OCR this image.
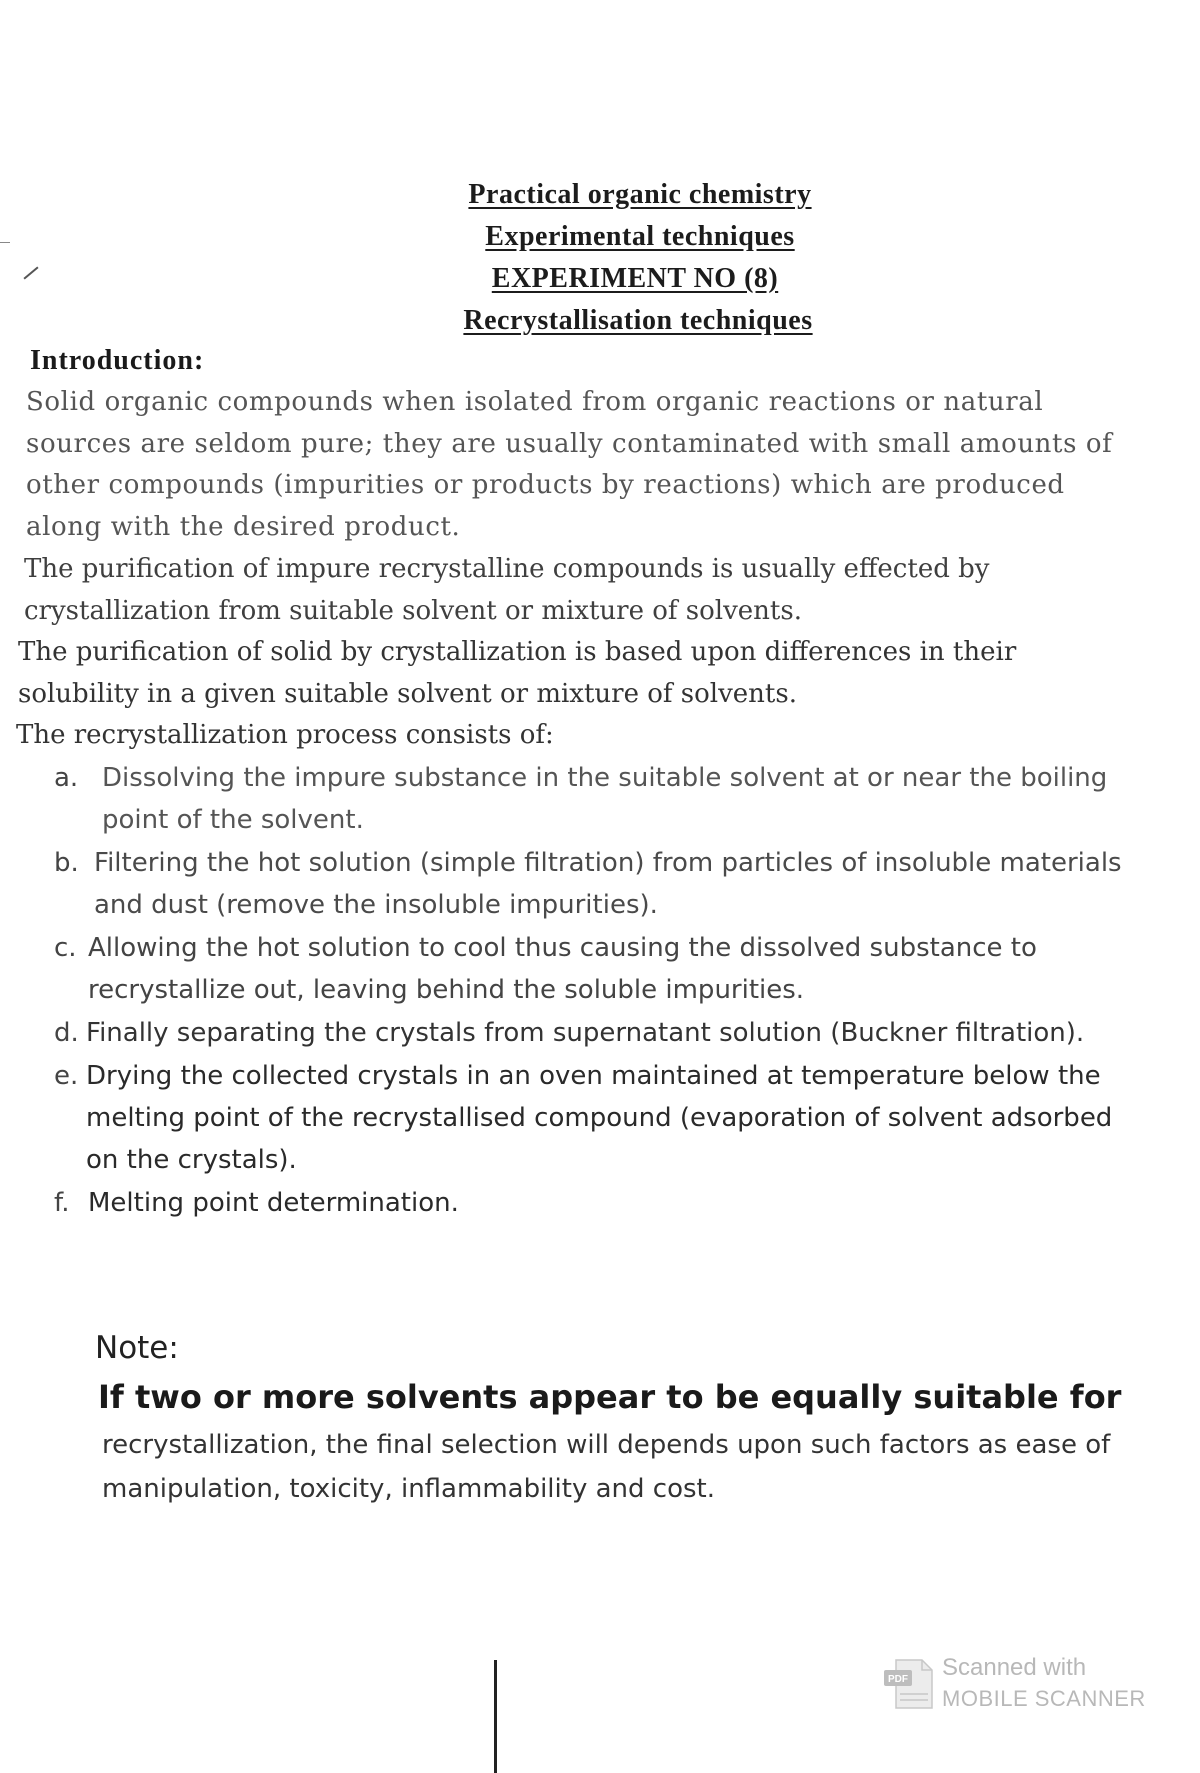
Practical organic chemistry
Experimental techniques
EXPERIMENT NO (8)
Recrystallisation techniques
Introduction:
Solid organic compounds when isolated from organic reactions or natural sources are seldom pure; they are usually contaminated with small amounts of other compounds (impurities or products by reactions) which are produced along with the desired product.
The purification of impure recrystalline compounds is usually effected by crystallization from suitable solvent or mixture of solvents.
The purification of solid by crystallization is based upon differences in their solubility in a given suitable solvent or mixture of solvents.
The recrystallization process consists of:
a. Dissolving the impure substance in the suitable solvent at or near the boiling point of the solvent.
b. Filtering the hot solution (simple filtration) from particles of insoluble materials and dust (remove the insoluble impurities).
c. Allowing the hot solution to cool thus causing the dissolved substance to recrystallize out, leaving behind the soluble impurities.
d. Finally separating the crystals from supernatant solution (Buckner filtration).
e. Drying the collected crystals in an oven maintained at temperature below the melting point of the recrystallised compound (evaporation of solvent adsorbed on the crystals).
f. Melting point determination.
Note:
If two or more solvents appear to be equally suitable for
recrystallization, the final selection will depends upon such factors as ease of manipulation, toxicity, inflammability and cost.
PDF Scanned with
MOBILE SCANNER
